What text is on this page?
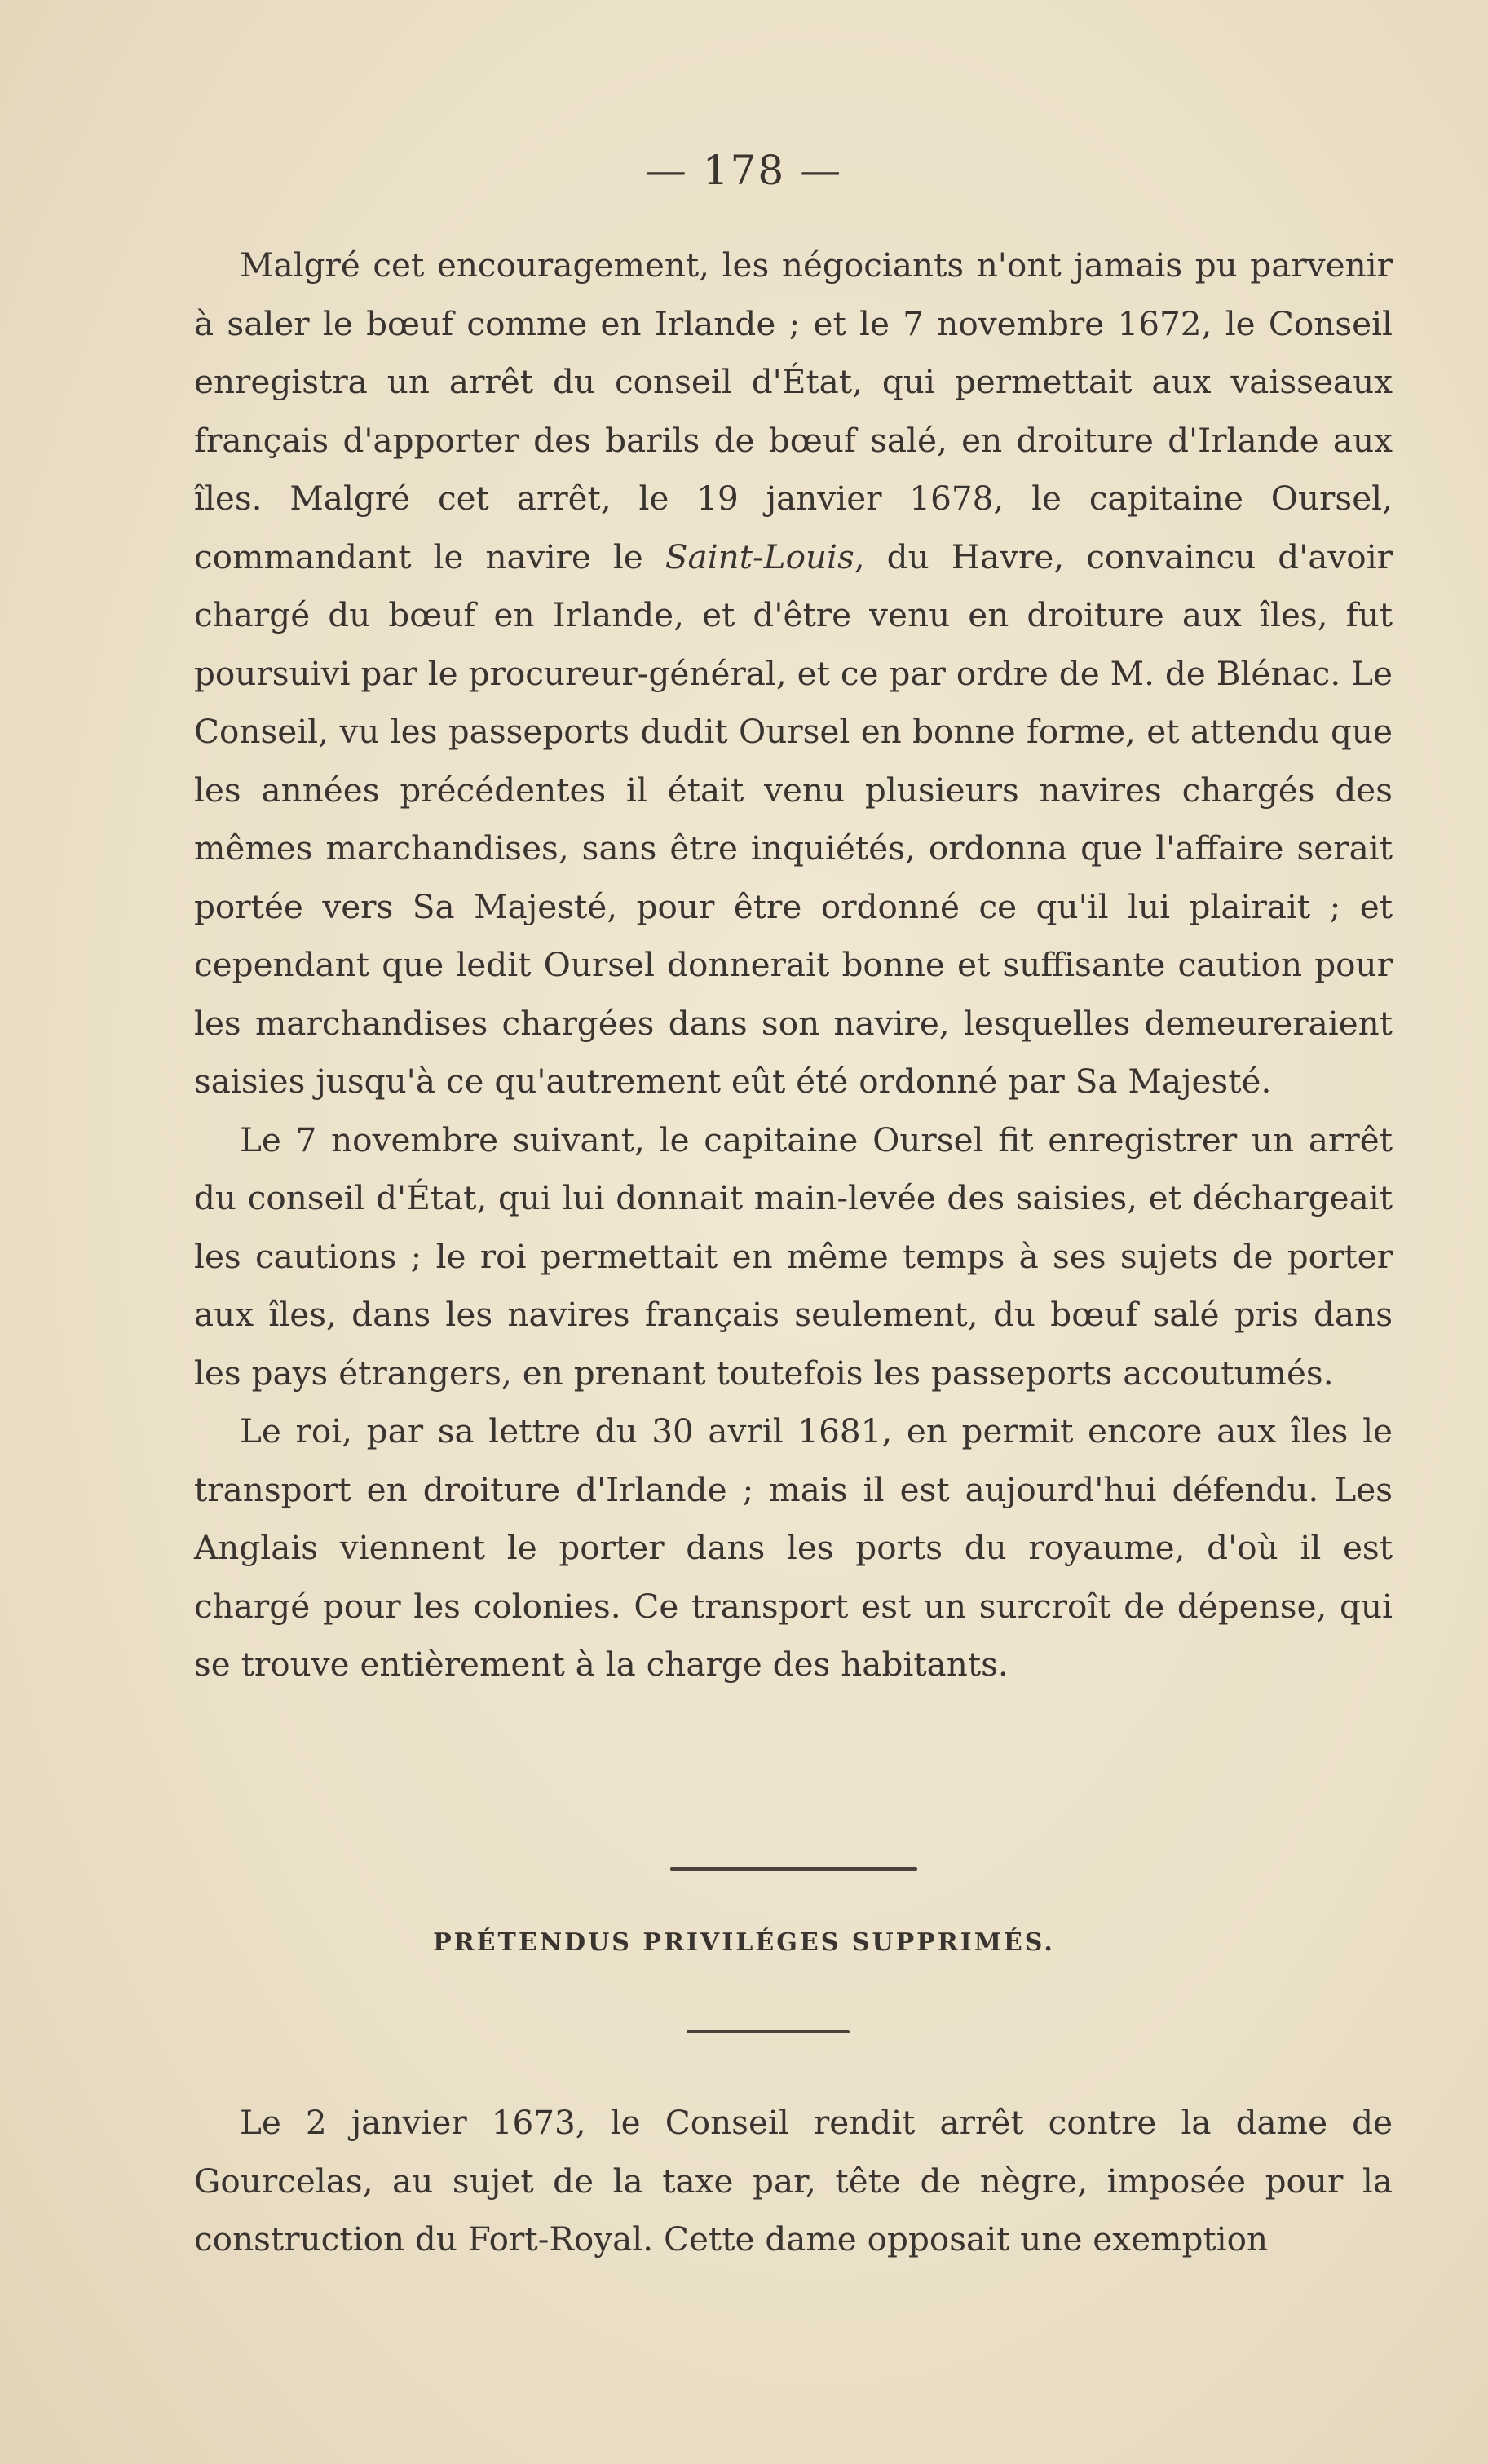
— 178 —

Malgré cet encouragement, les négociants n'ont jamais pu parvenir à saler le bœuf comme en Irlande ; et le 7 novembre 1672, le Conseil enregistra un arrêt du conseil d'État, qui permettait aux vaisseaux français d'apporter des barils de bœuf salé, en droiture d'Irlande aux îles. Malgré cet arrêt, le 19 janvier 1678, le capitaine Oursel, commandant le navire le Saint-Louis, du Havre, convaincu d'avoir chargé du bœuf en Irlande, et d'être venu en droiture aux îles, fut poursuivi par le procureur-général, et ce par ordre de M. de Blénac. Le Conseil, vu les passeports dudit Oursel en bonne forme, et attendu que les années précédentes il était venu plusieurs navires chargés des mêmes marchandises, sans être inquiétés, ordonna que l'affaire serait portée vers Sa Majesté, pour être ordonné ce qu'il lui plairait ; et cependant que ledit Oursel donnerait bonne et suffisante caution pour les marchandises chargées dans son navire, lesquelles demeureraient saisies jusqu'à ce qu'autrement eût été ordonné par Sa Majesté.

Le 7 novembre suivant, le capitaine Oursel fit enregistrer un arrêt du conseil d'État, qui lui donnait main-levée des saisies, et déchargeait les cautions ; le roi permettait en même temps à ses sujets de porter aux îles, dans les navires français seulement, du bœuf salé pris dans les pays étrangers, en prenant toutefois les passeports accoutumés.

Le roi, par sa lettre du 30 avril 1681, en permit encore aux îles le transport en droiture d'Irlande ; mais il est aujourd'hui défendu. Les Anglais viennent le porter dans les ports du royaume, d'où il est chargé pour les colonies. Ce transport est un surcroît de dépense, qui se trouve entièrement à la charge des habitants.

PRÉTENDUS PRIVILÉGES SUPPRIMÉS.

Le 2 janvier 1673, le Conseil rendit arrêt contre la dame de Gourcelas, au sujet de la taxe par, tête de nègre, imposée pour la construction du Fort-Royal. Cette dame opposait une exemption
